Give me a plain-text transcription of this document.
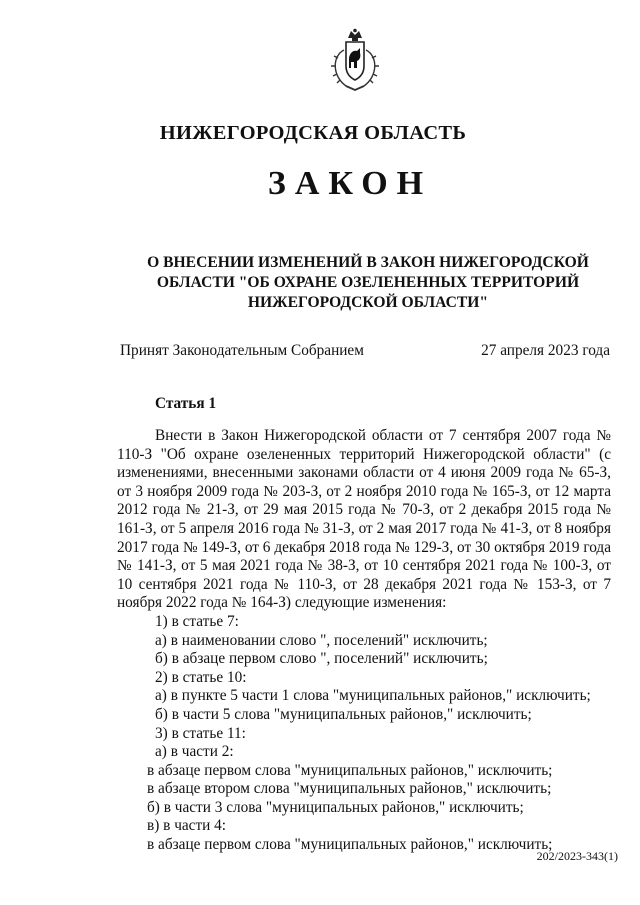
НИЖЕГОРОДСКАЯ ОБЛАСТЬ
ЗАКОН
О ВНЕСЕНИИ ИЗМЕНЕНИЙ В ЗАКОН НИЖЕГОРОДСКОЙ ОБЛАСТИ "ОБ ОХРАНЕ ОЗЕЛЕНЕННЫХ ТЕРРИТОРИЙ НИЖЕГОРОДСКОЙ ОБЛАСТИ"
Принят Законодательным Собранием	27 апреля 2023 года
Статья 1

Внести в Закон Нижегородской области от 7 сентября 2007 года № 110-З "Об охране озелененных территорий Нижегородской области" (с изменениями, внесенными законами области от 4 июня 2009 года № 65-З, от 3 ноября 2009 года № 203-З, от 2 ноября 2010 года № 165-З, от 12 марта 2012 года № 21-З, от 29 мая 2015 года № 70-З, от 2 декабря 2015 года № 161-З, от 5 апреля 2016 года № 31-З, от 2 мая 2017 года № 41-З, от 8 ноября 2017 года № 149-З, от 6 декабря 2018 года № 129-З, от 30 октября 2019 года № 141-З, от 5 мая 2021 года № 38-З, от 10 сентября 2021 года № 100-З, от 10 сентября 2021 года № 110-З, от 28 декабря 2021 года № 153-З, от 7 ноября 2022 года № 164-З) следующие изменения:

1) в статье 7:

а) в наименовании слово ", поселений" исключить;

б) в абзаце первом слово ", поселений" исключить;

2) в статье 10:

а) в пункте 5 части 1 слова "муниципальных районов," исключить;

б) в части 5 слова "муниципальных районов," исключить;

3) в статье 11:

а) в части 2:

в абзаце первом слова "муниципальных районов," исключить;

в абзаце втором слова "муниципальных районов," исключить;

б) в части 3 слова "муниципальных районов," исключить;

в) в части 4:

в абзаце первом слова "муниципальных районов," исключить;

202/2023-343(1)
